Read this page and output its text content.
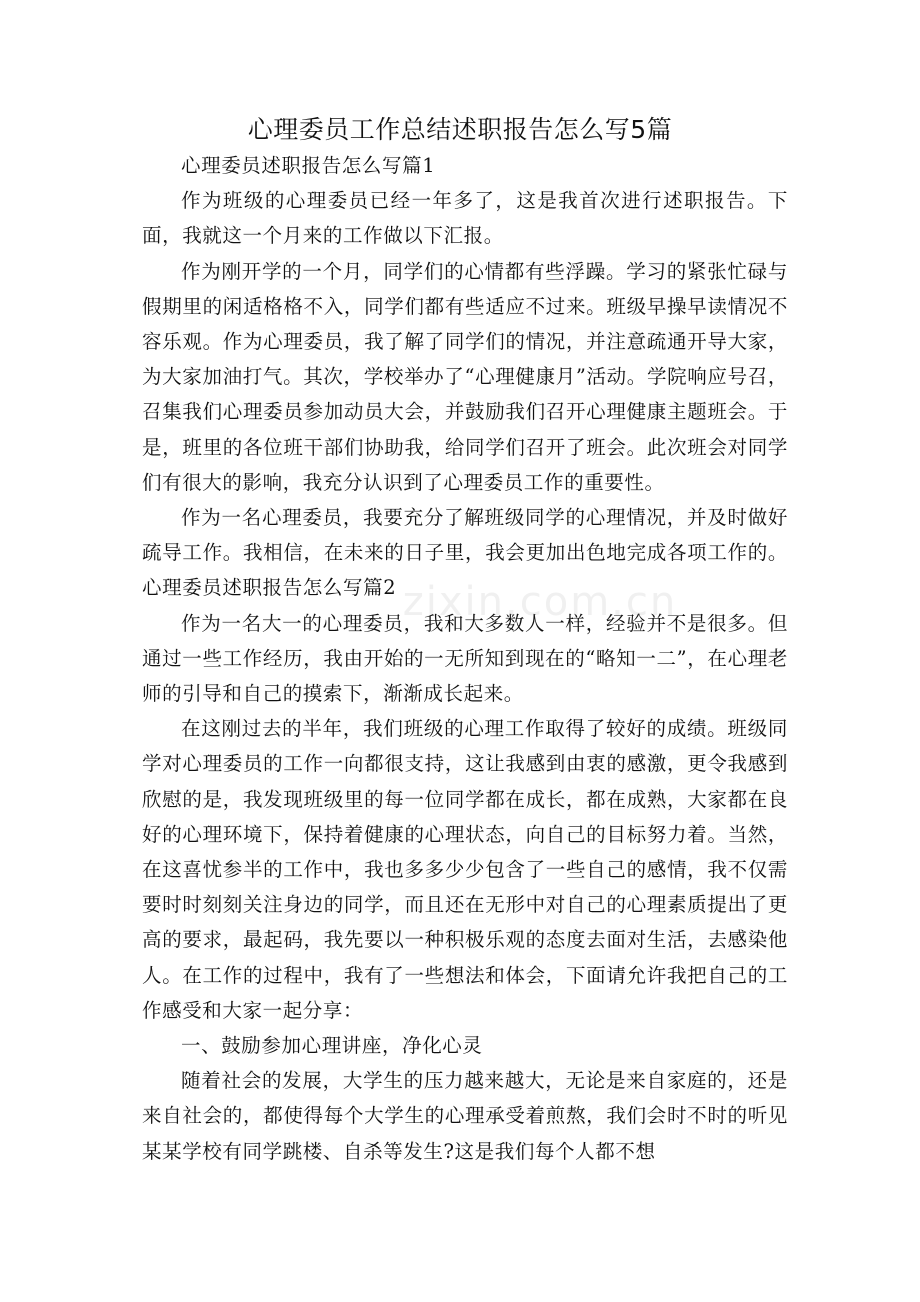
心理委员工作总结述职报告怎么写5篇

心理委员述职报告怎么写篇1

作为班级的心理委员已经一年多了，这是我首次进行述职报告。下面，我就这一个月来的工作做以下汇报。

作为刚开学的一个月，同学们的心情都有些浮躁。学习的紧张忙碌与假期里的闲适格格不入，同学们都有些适应不过来。班级早操早读情况不容乐观。作为心理委员，我了解了同学们的情况，并注意疏通开导大家，为大家加油打气。其次，学校举办了“心理健康月”活动。学院响应号召，召集我们心理委员参加动员大会，并鼓励我们召开心理健康主题班会。于是，班里的各位班干部们协助我，给同学们召开了班会。此次班会对同学们有很大的影响，我充分认识到了心理委员工作的重要性。

作为一名心理委员，我要充分了解班级同学的心理情况，并及时做好疏导工作。我相信，在未来的日子里，我会更加出色地完成各项工作的。心理委员述职报告怎么写篇2

作为一名大一的心理委员，我和大多数人一样，经验并不是很多。但通过一些工作经历，我由开始的一无所知到现在的“略知一二”，在心理老师的引导和自己的摸索下，渐渐成长起来。

在这刚过去的半年，我们班级的心理工作取得了较好的成绩。班级同学对心理委员的工作一向都很支持，这让我感到由衷的感激，更令我感到欣慰的是，我发现班级里的每一位同学都在成长，都在成熟，大家都在良好的心理环境下，保持着健康的心理状态，向自己的目标努力着。当然，在这喜忧参半的工作中，我也多多少少包含了一些自己的感情，我不仅需要时时刻刻关注身边的同学，而且还在无形中对自己的心理素质提出了更高的要求，最起码，我先要以一种积极乐观的态度去面对生活，去感染他人。在工作的过程中，我有了一些想法和体会，下面请允许我把自己的工作感受和大家一起分享：

一、鼓励参加心理讲座，净化心灵

随着社会的发展，大学生的压力越来越大，无论是来自家庭的，还是来自社会的，都使得每个大学生的心理承受着煎熬，我们会时不时的听见某某学校有同学跳楼、自杀等发生?这是我们每个人都不想

zixin.com.cn
